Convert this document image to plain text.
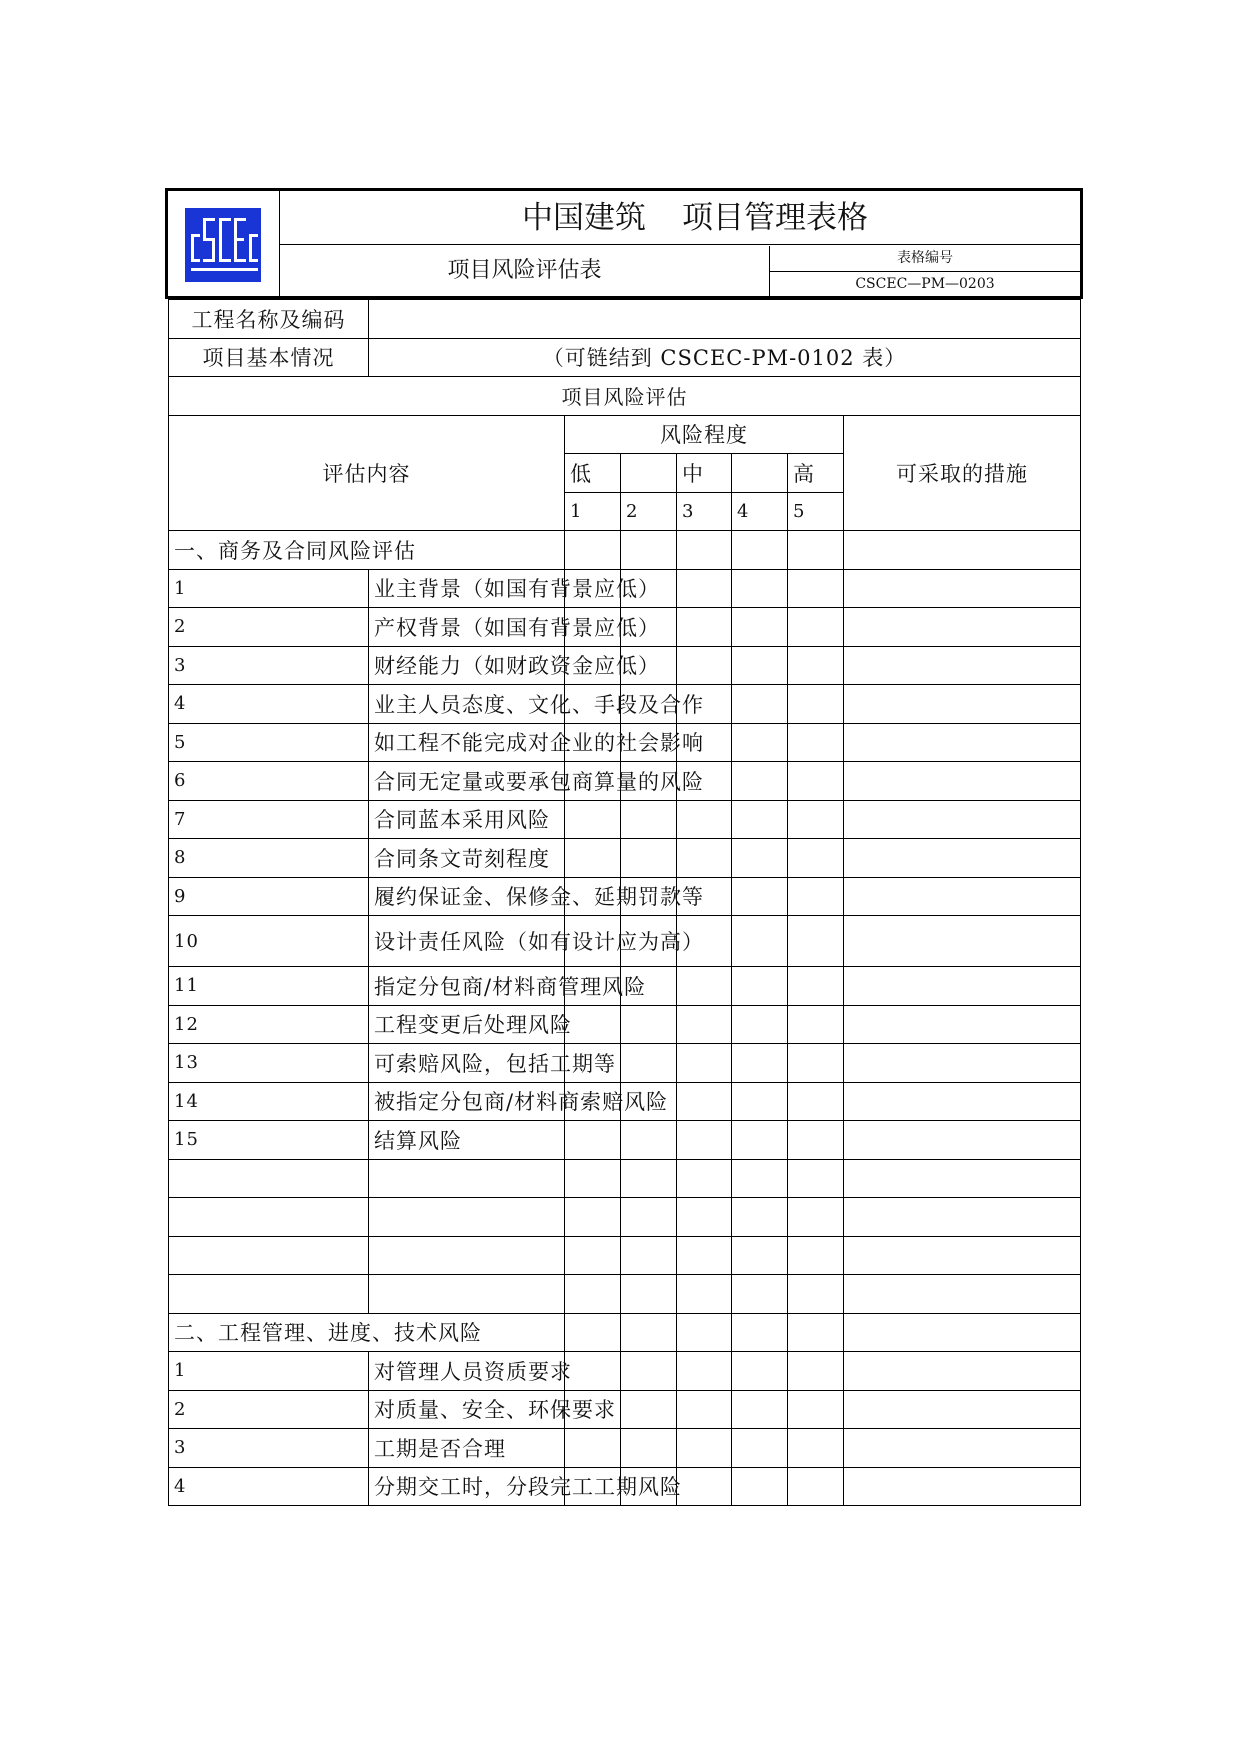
中国建筑 项目管理表格
项目风险评估表	表格编号
CSCEC—PM—0203
工程名称及编码							
项目基本情况	（可链结到 CSCEC-PM-0102 表）						
项目风险评估							
评估内容		风险程度					可采取的措施
		低		中		高	
		1	2	3	4	5	
一、商务及合同风险评估							
1	业主背景（如国有背景应低）						
2	产权背景（如国有背景应低）						
3	财经能力（如财政资金应低）						
4	业主人员态度、文化、手段及合作						
5	如工程不能完成对企业的社会影响						
6	合同无定量或要承包商算量的风险						
7	合同蓝本采用风险						
8	合同条文苛刻程度						
9	履约保证金、保修金、延期罚款等						
10	设计责任风险（如有设计应为高）						
11	指定分包商/材料商管理风险						
12	工程变更后处理风险						
13	可索赔风险，包括工期等						
14	被指定分包商/材料商索赔风险						
15	结算风险						

二、工程管理、进度、技术风险							
1	对管理人员资质要求						
2	对质量、安全、环保要求						
3	工期是否合理						
4	分期交工时，分段完工工期风险						
